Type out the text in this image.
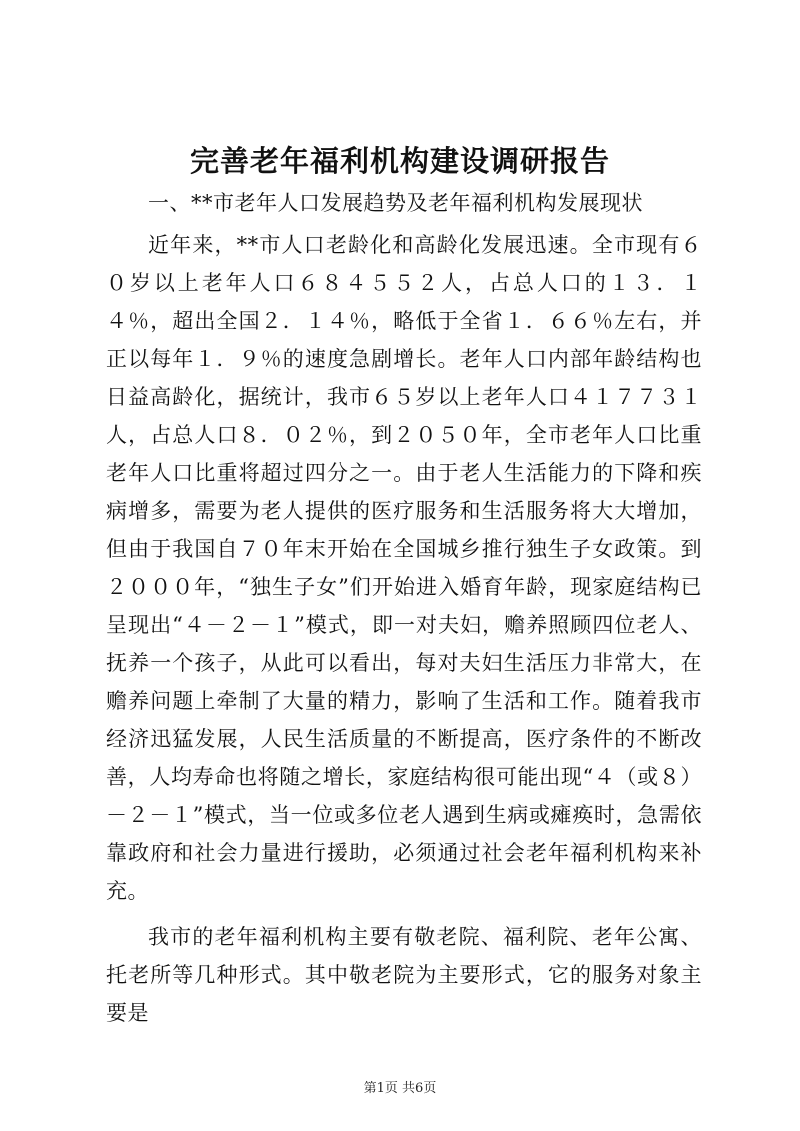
完善老年福利机构建设调研报告

一、**市老年人口发展趋势及老年福利机构发展现状

近年来，**市人口老龄化和高龄化发展迅速。全市现有６０岁以上老年人口６８４５５２人，占总人口的１３．１４％，超出全国２．１４％，略低于全省１．６６％左右，并正以每年１．９％的速度急剧增长。老年人口内部年龄结构也日益高龄化，据统计，我市６５岁以上老年人口４１７７３１人，占总人口８．０２％，到２０５０年，全市老年人口比重老年人口比重将超过四分之一。由于老人生活能力的下降和疾病增多，需要为老人提供的医疗服务和生活服务将大大增加，但由于我国自７０年末开始在全国城乡推行独生子女政策。到２０００年，“独生子女”们开始进入婚育年龄，现家庭结构已呈现出“４－２－１”模式，即一对夫妇，赡养照顾四位老人、抚养一个孩子，从此可以看出，每对夫妇生活压力非常大，在赡养问题上牵制了大量的精力，影响了生活和工作。随着我市经济迅猛发展，人民生活质量的不断提高，医疗条件的不断改善，人均寿命也将随之增长，家庭结构很可能出现“４（或８）－２－１”模式，当一位或多位老人遇到生病或瘫痪时，急需依靠政府和社会力量进行援助，必须通过社会老年福利机构来补充。

我市的老年福利机构主要有敬老院、福利院、老年公寓、托老所等几种形式。其中敬老院为主要形式，它的服务对象主要是

第1页 共6页
